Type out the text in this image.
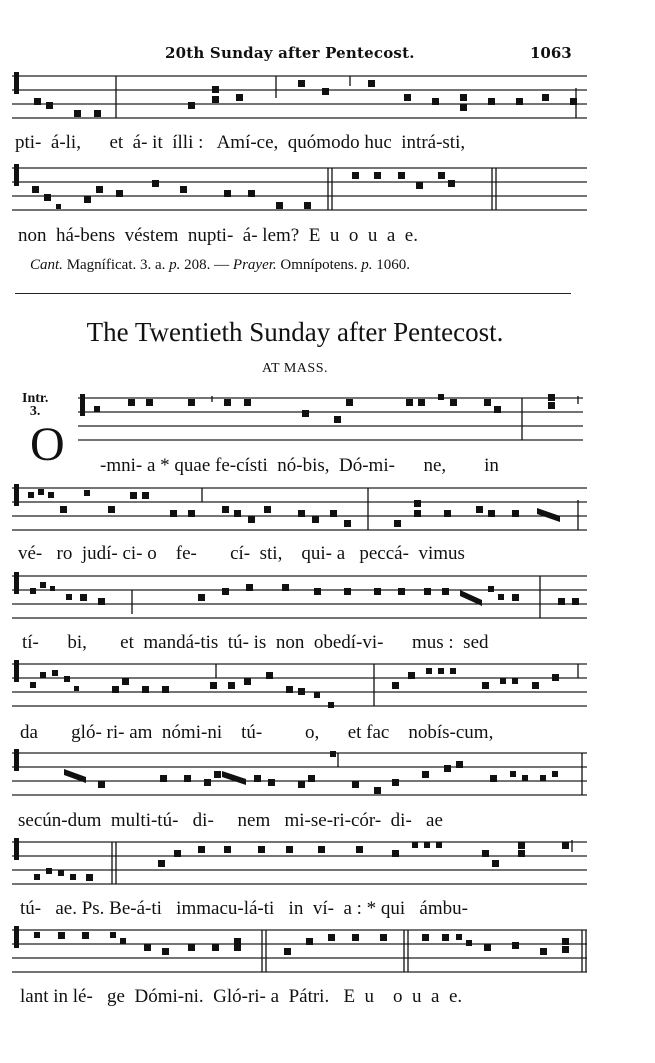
20th Sunday after Pentecost.	1063
pti-  á-li,      et  á- it  ílli :   Amí-ce,  quómodo huc  intrá-sti,
non  há-bens  véstem  nupti-  á- lem?  E  u  o  u  a  e.
Cant. Magníficat. 3. a. p. 208. — Prayer. Omnípotens. p. 1060.
The Twentieth Sunday after Pentecost.
AT MASS.
Intr.
3.
O -mni- a * quae fe-císti  nó-bis,  Dó-mi-      ne,        in
vé-   ro  judí- ci- o    fe-       cí-  sti,    qui- a   peccá-  vimus
tí-      bi,       et  mandá-tis  tú- is  non  obedí-vi-      mus :  sed
da       gló- ri- am  nómi-ni    tú-         o,      et fac    nobís-cum,
secún-dum  multi-tú-   di-     nem   mi-se-ri-cór-  di-   ae
tú-   ae. Ps. Be-á-ti   immacu-lá-ti   in  ví-  a : * qui   ámbu-
lant in lé-   ge  Dómi-ni.  Gló-ri- a  Pátri.   E  u    o  u  a  e.
